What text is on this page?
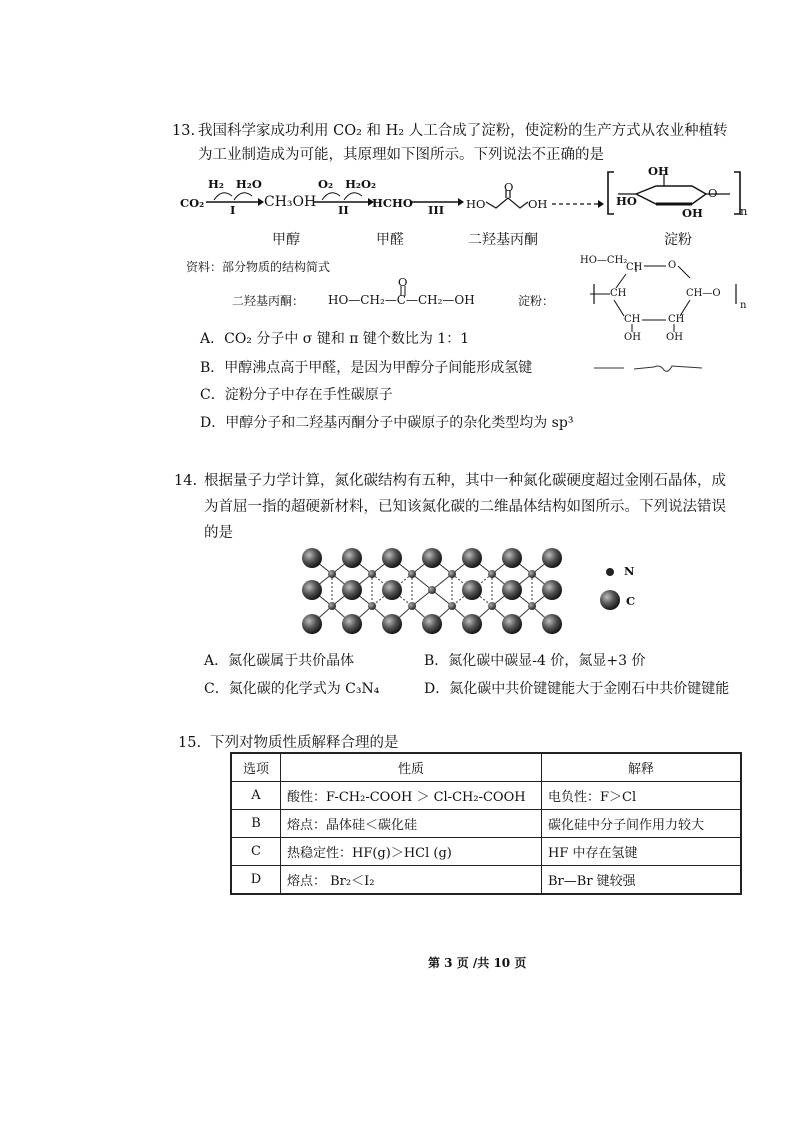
13. 我国科学家成功利用 CO₂ 和 H₂ 人工合成了淀粉，使淀粉的生产方式从农业种植转
为工业制造成为可能，其原理如下图所示。下列说法不正确的是
CO₂
H₂   H₂O
I CH₃OH
O₂   H₂O₂
II HCHO III
O
HO	OH
OH
HO
OH
O
n
甲醇	甲醛	二羟基丙酮	淀粉
资料：部分物质的结构简式
二羟基丙酮：
O
HO—CH₂—C—CH₂—OH	淀粉：
HO—CH₂
CH	O
CH	CH—O
CH	CH
OH	OH
n
A．CO₂ 分子中 σ 键和 π 键个数比为 1：1
B．甲醇沸点高于甲醛，是因为甲醇分子间能形成氢键
C．淀粉分子中存在手性碳原子
D．甲醇分子和二羟基丙酮分子中碳原子的杂化类型均为 sp³
14. 根据量子力学计算，氮化碳结构有五种，其中一种氮化碳硬度超过金刚石晶体，成
为首屈一指的超硬新材料，已知该氮化碳的二维晶体结构如图所示。下列说法错误
的是
N
C
A．氮化碳属于共价晶体	B．氮化碳中碳显-4 价，氮显+3 价
C．氮化碳的化学式为 C₃N₄	D．氮化碳中共价键键能大于金刚石中共价键键能
15. 下列对物质性质解释合理的是
选项	性质	解释
A	酸性：F-CH₂-COOH ＞ Cl-CH₂-COOH	电负性：F＞Cl
B	熔点：晶体硅＜碳化硅	碳化硅中分子间作用力较大
C	热稳定性：HF(g)＞HCl (g)	HF 中存在氢键
D	熔点： Br₂＜I₂	Br—Br 键较强
第 3 页 /共 10 页
